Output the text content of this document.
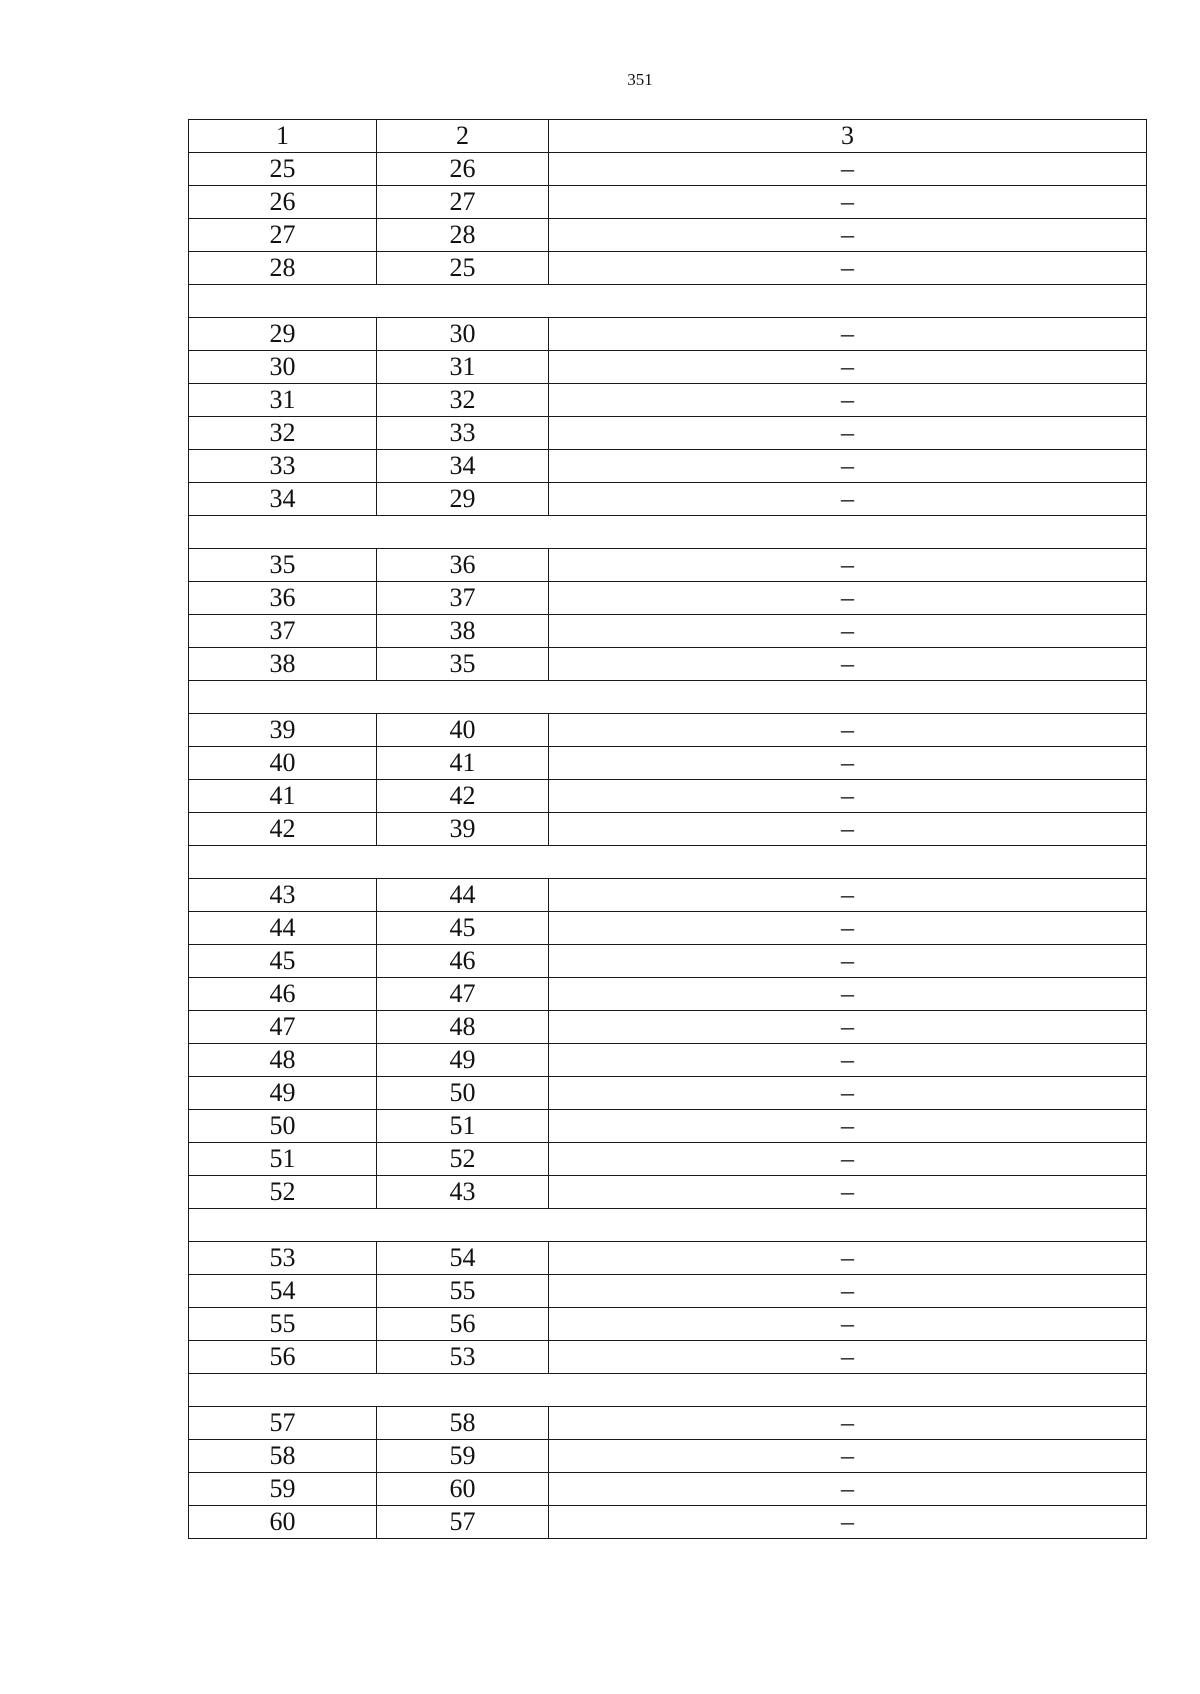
351
1	2	3
25	26	–
26	27	–
27	28	–
28	25	–

29	30	–
30	31	–
31	32	–
32	33	–
33	34	–
34	29	–

35	36	–
36	37	–
37	38	–
38	35	–

39	40	–
40	41	–
41	42	–
42	39	–

43	44	–
44	45	–
45	46	–
46	47	–
47	48	–
48	49	–
49	50	–
50	51	–
51	52	–
52	43	–

53	54	–
54	55	–
55	56	–
56	53	–

57	58	–
58	59	–
59	60	–
60	57	–
